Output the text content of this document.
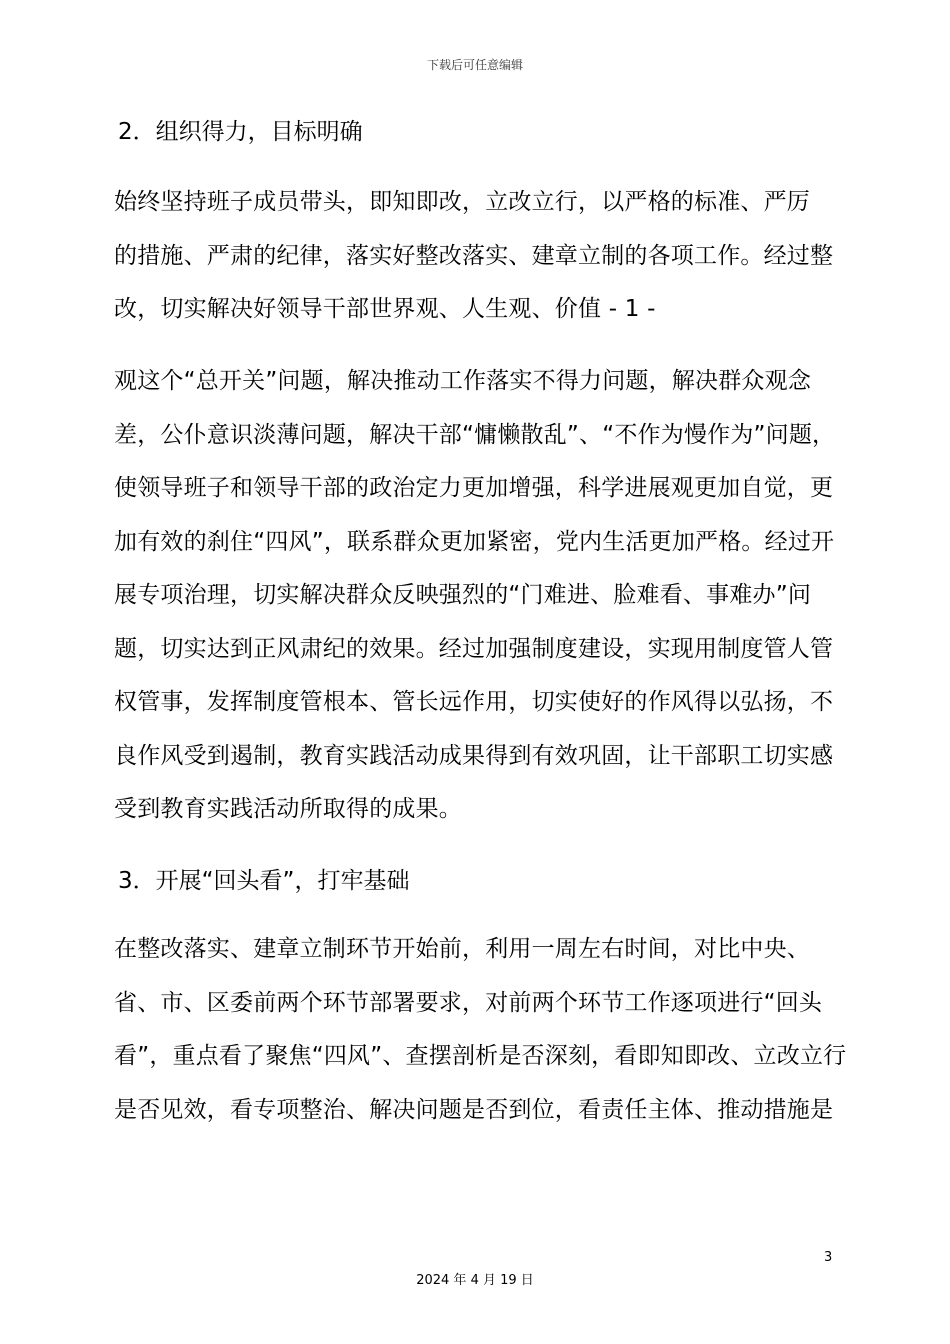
下载后可任意编辑
2．组织得力，目标明确
始终坚持班子成员带头，即知即改，立改立行，以严格的标准、严厉
的措施、严肃的纪律，落实好整改落实、建章立制的各项工作。经过整
改，切实解决好领导干部世界观、人生观、价值 - 1 -
观这个“总开关”问题，解决推动工作落实不得力问题，解决群众观念
差，公仆意识淡薄问题，解决干部“慵懒散乱”、“不作为慢作为”问题，
使领导班子和领导干部的政治定力更加增强，科学进展观更加自觉，更
加有效的刹住“四风”，联系群众更加紧密，党内生活更加严格。经过开
展专项治理，切实解决群众反映强烈的“门难进、脸难看、事难办”问
题，切实达到正风肃纪的效果。经过加强制度建设，实现用制度管人管
权管事，发挥制度管根本、管长远作用，切实使好的作风得以弘扬，不
良作风受到遏制，教育实践活动成果得到有效巩固，让干部职工切实感
受到教育实践活动所取得的成果。
3．开展“回头看”，打牢基础
在整改落实、建章立制环节开始前，利用一周左右时间，对比中央、
省、市、区委前两个环节部署要求，对前两个环节工作逐项进行“回头
看”，重点看了聚焦“四风”、查摆剖析是否深刻，看即知即改、立改立行
是否见效，看专项整治、解决问题是否到位，看责任主体、推动措施是
3
2024 年 4 月 19 日
